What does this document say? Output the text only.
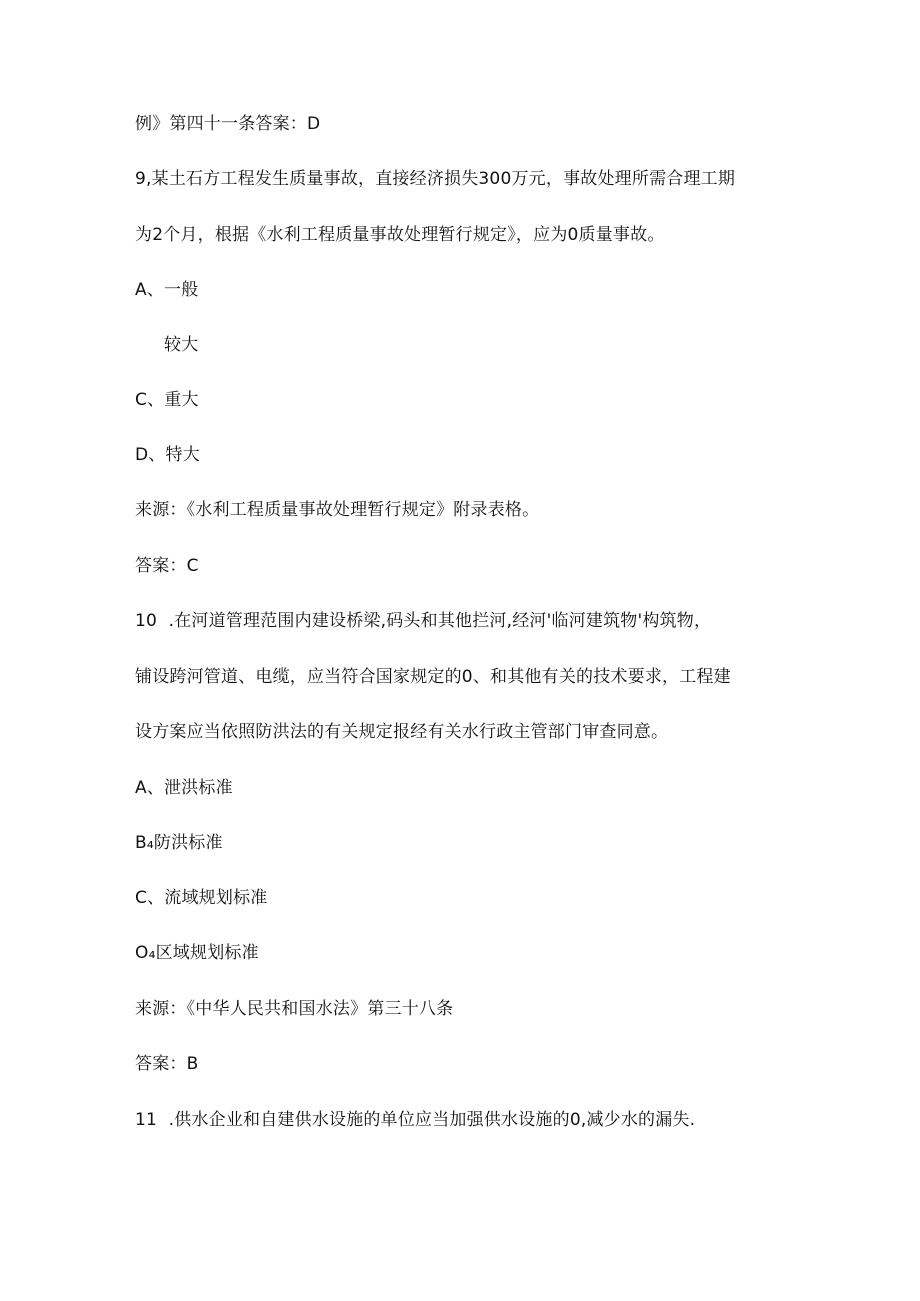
例》第四十一条答案：D
9,某土石方工程发生质量事故，直接经济损失300万元，事故处理所需合理工期
为2个月，根据《水利工程质量事故处理暂行规定》，应为0质量事故。
A、一般
较大
C、重大
D、特大
来源：《水利工程质量事故处理暂行规定》附录表格。
答案：C
10	.在河道管理范围内建设桥梁,码头和其他拦河,经河'临河建筑物'构筑物，
铺设跨河管道、电缆，应当符合国家规定的0、和其他有关的技术要求，工程建
设方案应当依照防洪法的有关规定报经有关水行政主管部门审查同意。
A、泄洪标准
B₄防洪标准
C、流域规划标准
O₄区域规划标准
来源：《中华人民共和国水法》第三十八条
答案：B
11	.供水企业和自建供水设施的单位应当加强供水设施的0,减少水的漏失.
